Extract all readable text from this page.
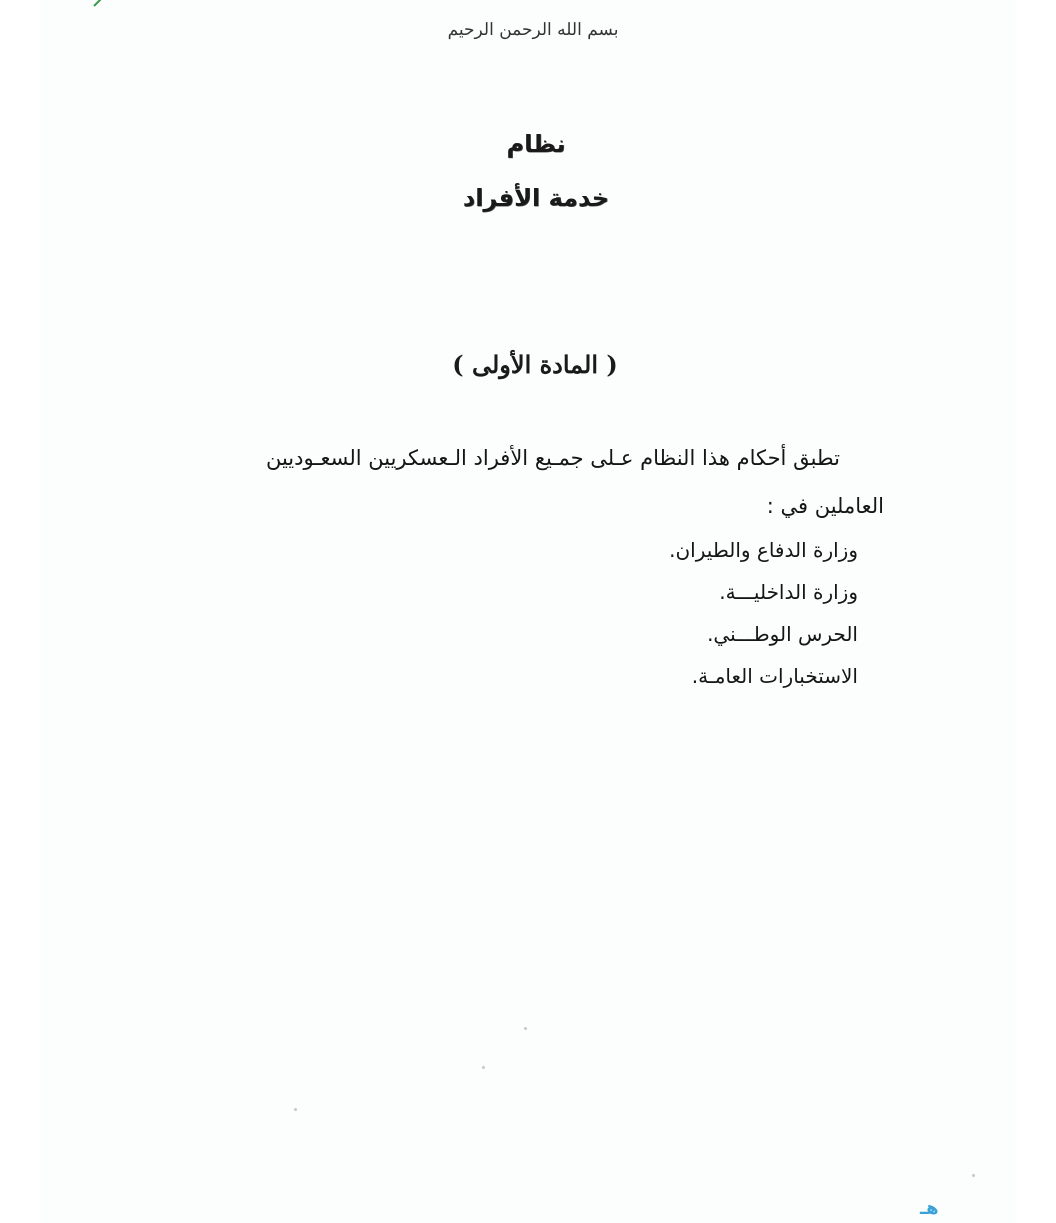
بسم الله الرحمن الرحيم
نظام
خدمة الأفراد
( المادة الأولى )
تطبق أحكام هذا النظام عـلى جمـيع الأفراد الـعسكريين السعـوديين
العاملين في :
وزارة الدفاع والطيران.
وزارة الداخليـــة.
الحرس الوطـــني.
الاستخبارات العامـة.
هـ
